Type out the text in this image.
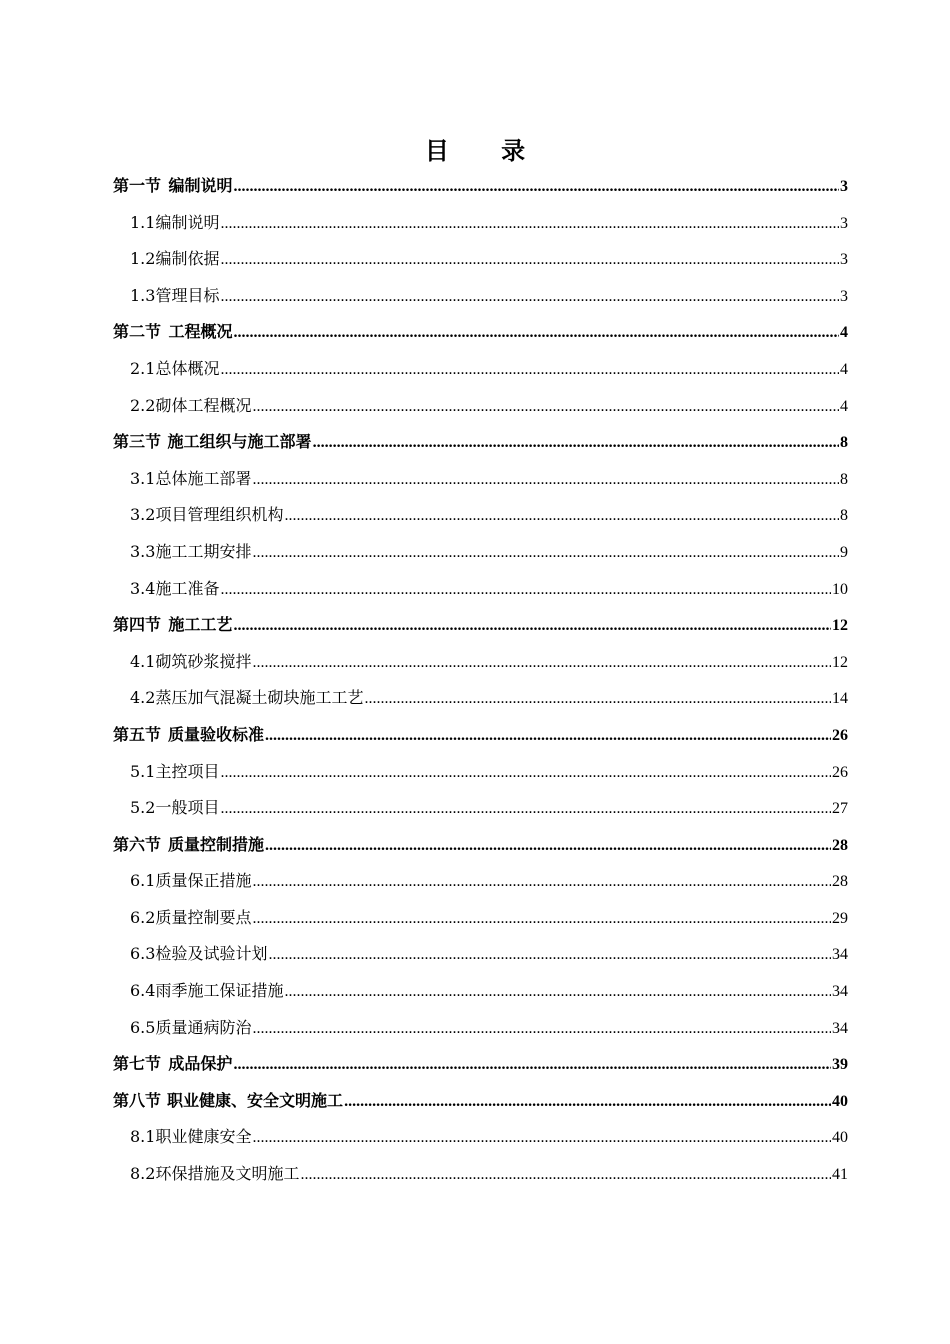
目 录
第一节 编制说明 .....	3
1.1 编制说明 .....	3
1.2 编制依据 .....	3
1.3 管理目标 .....	3
第二节 工程概况 .....	4
2.1 总体概况 .....	4
2.2 砌体工程概况 .....	4
第三节 施工组织与施工部署 .....	8
3.1 总体施工部署 .....	8
3.2 项目管理组织机构 .....	8
3.3 施工工期安排 .....	9
3.4 施工准备 .....	10
第四节 施工工艺 .....	12
4.1 砌筑砂浆搅拌 .....	12
4.2 蒸压加气混凝土砌块施工工艺 .....	14
第五节 质量验收标准 .....	26
5.1 主控项目 .....	26
5.2 一般项目 .....	27
第六节 质量控制措施 .....	28
6.1 质量保正措施 .....	28
6.2 质量控制要点 .....	29
6.3 检验及试验计划 .....	34
6.4 雨季施工保证措施 .....	34
6.5 质量通病防治 .....	34
第七节 成品保护 .....	39
第八节 职业健康、安全文明施工 .....	40
8.1 职业健康安全 .....	40
8.2 环保措施及文明施工 .....	41
